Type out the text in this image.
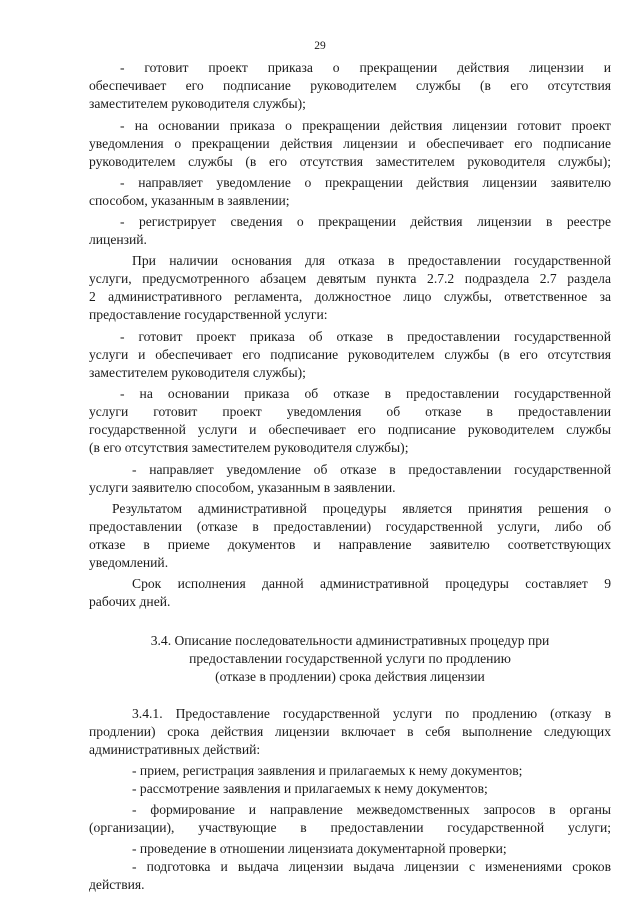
29
- готовит проект приказа о прекращении действия лицензии и
обеспечивает его подписание руководителем службы (в его отсутствия
заместителем руководителя службы);
- на основании приказа о прекращении действия лицензии готовит проект
уведомления о прекращении действия лицензии и обеспечивает его подписание
руководителем службы (в его отсутствия заместителем руководителя службы);
- направляет уведомление о прекращении действия лицензии заявителю
способом, указанным в заявлении;
- регистрирует сведения о прекращении действия лицензии в реестре
лицензий.
При наличии основания для отказа в предоставлении государственной
услуги, предусмотренного абзацем девятым пункта 2.7.2 подраздела 2.7 раздела
2 административного регламента, должностное лицо службы, ответственное за
предоставление государственной услуги:
- готовит проект приказа об отказе в предоставлении государственной
услуги и обеспечивает его подписание руководителем службы (в его отсутствия
заместителем руководителя службы);
- на основании приказа об отказе в предоставлении государственной
услуги готовит проект уведомления об отказе в предоставлении
государственной услуги и обеспечивает его подписание руководителем службы
(в его отсутствия заместителем руководителя службы);
- направляет уведомление об отказе в предоставлении государственной
услуги заявителю способом, указанным в заявлении.
Результатом административной процедуры является принятия решения о
предоставлении (отказе в предоставлении) государственной услуги, либо об
отказе в приеме документов и направление заявителю соответствующих
уведомлений.
Срок исполнения данной административной процедуры составляет 9
рабочих дней.
3.4. Описание последовательности административных процедур при
предоставлении государственной услуги по продлению
(отказе в продлении) срока действия лицензии
3.4.1. Предоставление государственной услуги по продлению (отказу в
продлении) срока действия лицензии включает в себя выполнение следующих
административных действий:
- прием, регистрация заявления и прилагаемых к нему документов;
- рассмотрение заявления и прилагаемых к нему документов;
- формирование и направление межведомственных запросов в органы
(организации), участвующие в предоставлении государственной услуги;
- проведение в отношении лицензиата документарной проверки;
- подготовка и выдача лицензии выдача лицензии с изменениями сроков
действия.
